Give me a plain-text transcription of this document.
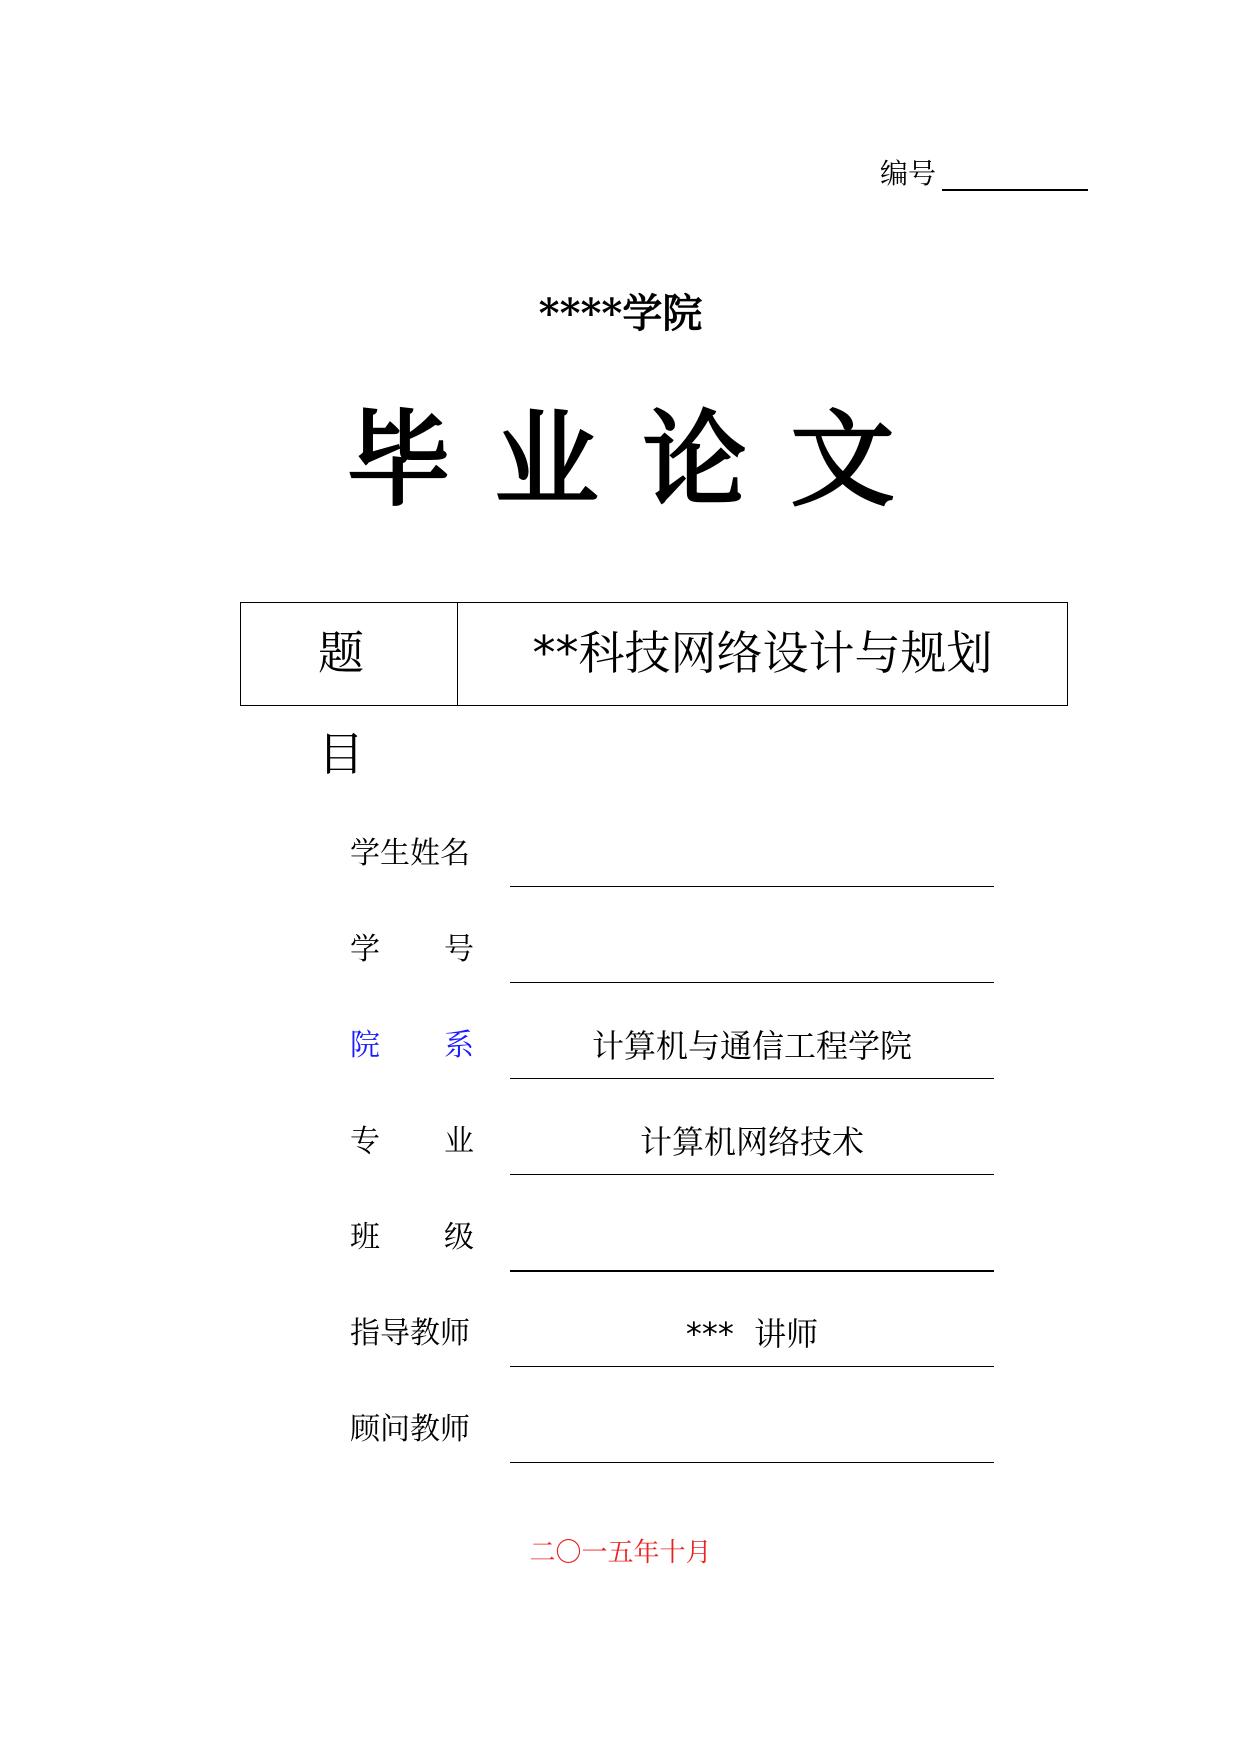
编号
****学院
毕业论文
题目
**科技网络设计与规划
学生姓名
学 号
院 系	计算机与通信工程学院
专 业	计算机网络技术
班 级
指导教师	***  讲师
顾问教师
二〇一五年十月
